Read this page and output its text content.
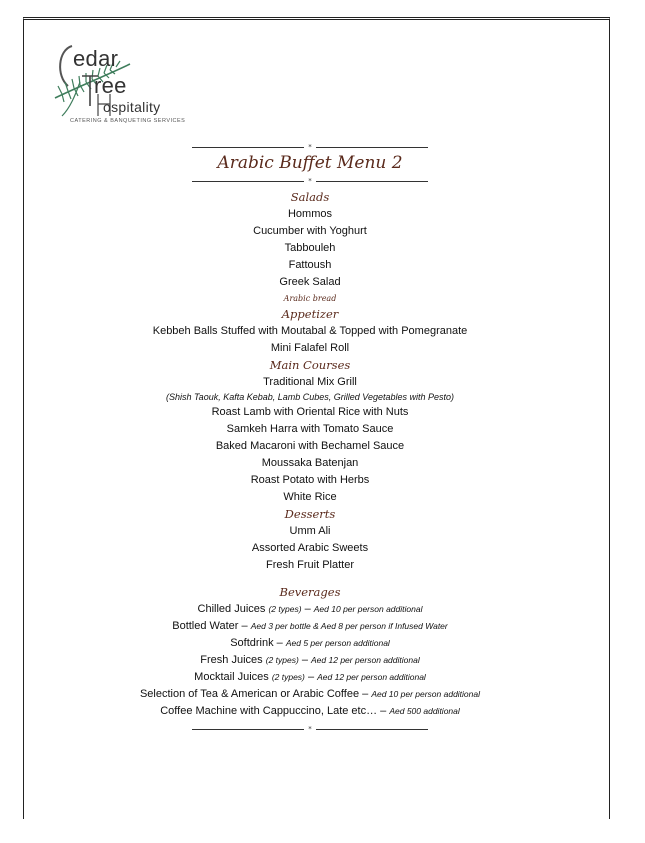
edar
ree
ospitality
CATERING & BANQUETING SERVICES
*
Arabic Buffet Menu 2
*
Salads
Hommos
Cucumber with Yoghurt
Tabbouleh
Fattoush
Greek Salad
Arabic bread
Appetizer
Kebbeh Balls Stuffed with Moutabal & Topped with Pomegranate
Mini Falafel Roll
Main Courses
Traditional Mix Grill
(Shish Taouk, Kafta Kebab, Lamb Cubes, Grilled Vegetables with Pesto)
Roast Lamb with Oriental Rice with Nuts
Samkeh Harra with Tomato Sauce
Baked Macaroni with Bechamel Sauce
Moussaka Batenjan
Roast Potato with Herbs
White Rice
Desserts
Umm Ali
Assorted Arabic Sweets
Fresh Fruit Platter
Beverages
Chilled Juices (2 types) – Aed 10 per person additional
Bottled Water – Aed 3 per bottle & Aed 8 per person if Infused Water
Softdrink – Aed 5 per person additional
Fresh Juices (2 types) – Aed 12 per person additional
Mocktail Juices (2 types) – Aed 12 per person additional
Selection of Tea & American or Arabic Coffee – Aed 10 per person additional
Coffee Machine with Cappuccino, Late etc… – Aed 500 additional
*
